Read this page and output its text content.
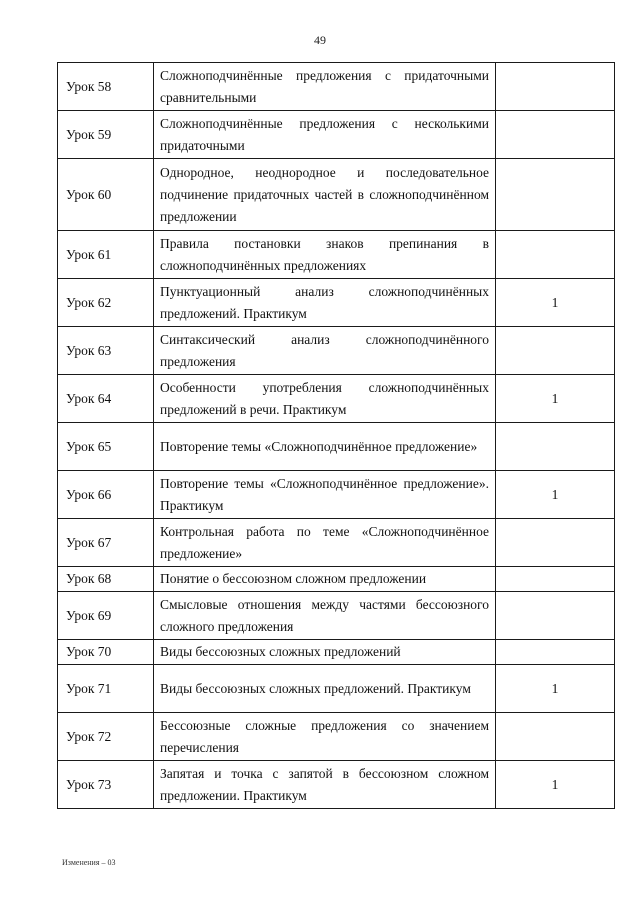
49
Урок 58	Сложноподчинённые предложения с придаточными сравнительными	
Урок 59	Сложноподчинённые предложения с несколькими придаточными	
Урок 60	Однородное, неоднородное и последовательное подчинение придаточных частей в сложноподчинённом предложении	
Урок 61	Правила постановки знаков препинания в сложноподчинённых предложениях	
Урок 62	Пунктуационный анализ сложноподчинённых предложений. Практикум	1
Урок 63	Синтаксический анализ сложноподчинённого предложения	
Урок 64	Особенности употребления сложноподчинённых предложений в речи. Практикум	1
Урок 65	Повторение темы «Сложноподчинённое предложение»	
Урок 66	Повторение темы «Сложноподчинённое предложение». Практикум	1
Урок 67	Контрольная работа по теме «Сложноподчинённое предложение»	
Урок 68	Понятие о бессоюзном сложном предложении	
Урок 69	Смысловые отношения между частями бессоюзного сложного предложения	
Урок 70	Виды бессоюзных сложных предложений	
Урок 71	Виды бессоюзных сложных предложений. Практикум	1
Урок 72	Бессоюзные сложные предложения со значением перечисления	
Урок 73	Запятая и точка с запятой в бессоюзном сложном предложении. Практикум	1
Изменения – 03
